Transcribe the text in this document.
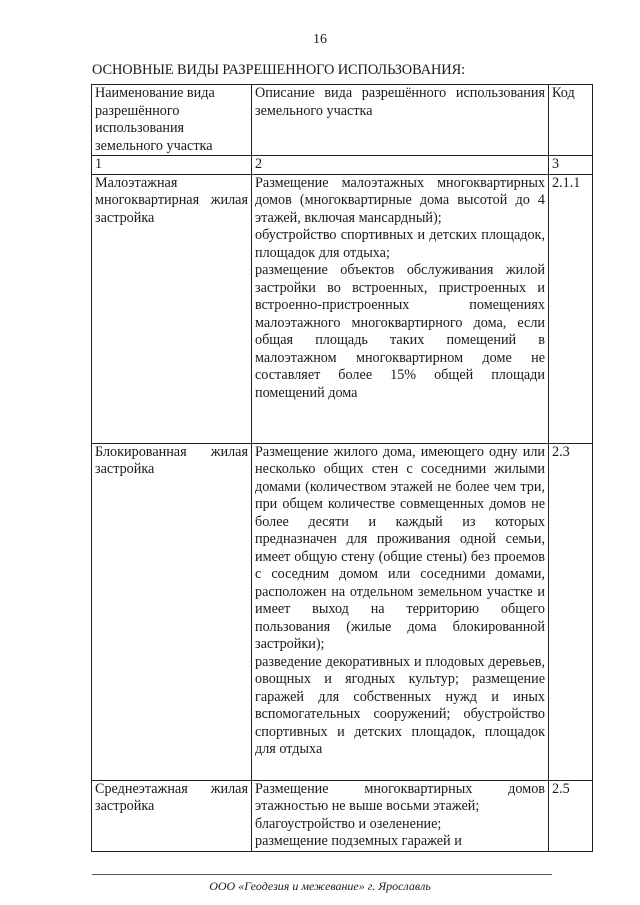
16
ОСНОВНЫЕ ВИДЫ РАЗРЕШЕННОГО ИСПОЛЬЗОВАНИЯ:
Наименование вида разрешённого использования земельного участка	Описание вида разрешённого использования земельного участка	Код
1	2	3
Малоэтажная многоквартирная жилая застройка	Размещение малоэтажных многоквартирных домов (многоквартирные дома высотой до 4 этажей, включая мансардный);
обустройство спортивных и детских площадок, площадок для отдыха;
размещение объектов обслуживания жилой застройки во встроенных, пристроенных и встроенно-пристроенных помещениях малоэтажного многоквартирного дома, если общая площадь таких помещений в малоэтажном многоквартирном доме не составляет более 15% общей площади помещений дома	2.1.1
Блокированная жилая застройка	Размещение жилого дома, имеющего одну или несколько общих стен с соседними жилыми домами (количеством этажей не более чем три, при общем количестве совмещенных домов не более десяти и каждый из которых предназначен для проживания одной семьи, имеет общую стену (общие стены) без проемов с соседним домом или соседними домами, расположен на отдельном земельном участке и имеет выход на территорию общего пользования (жилые дома блокированной застройки);
разведение декоративных и плодовых деревьев, овощных и ягодных культур; размещение гаражей для собственных нужд и иных вспомогательных сооружений; обустройство спортивных и детских площадок, площадок для отдыха	2.3
Среднеэтажная жилая застройка	Размещение многоквартирных домов этажностью не выше восьми этажей;
благоустройство и озеленение;
размещение подземных гаражей и	2.5
ООО «Геодезия и межевание» г. Ярославль
